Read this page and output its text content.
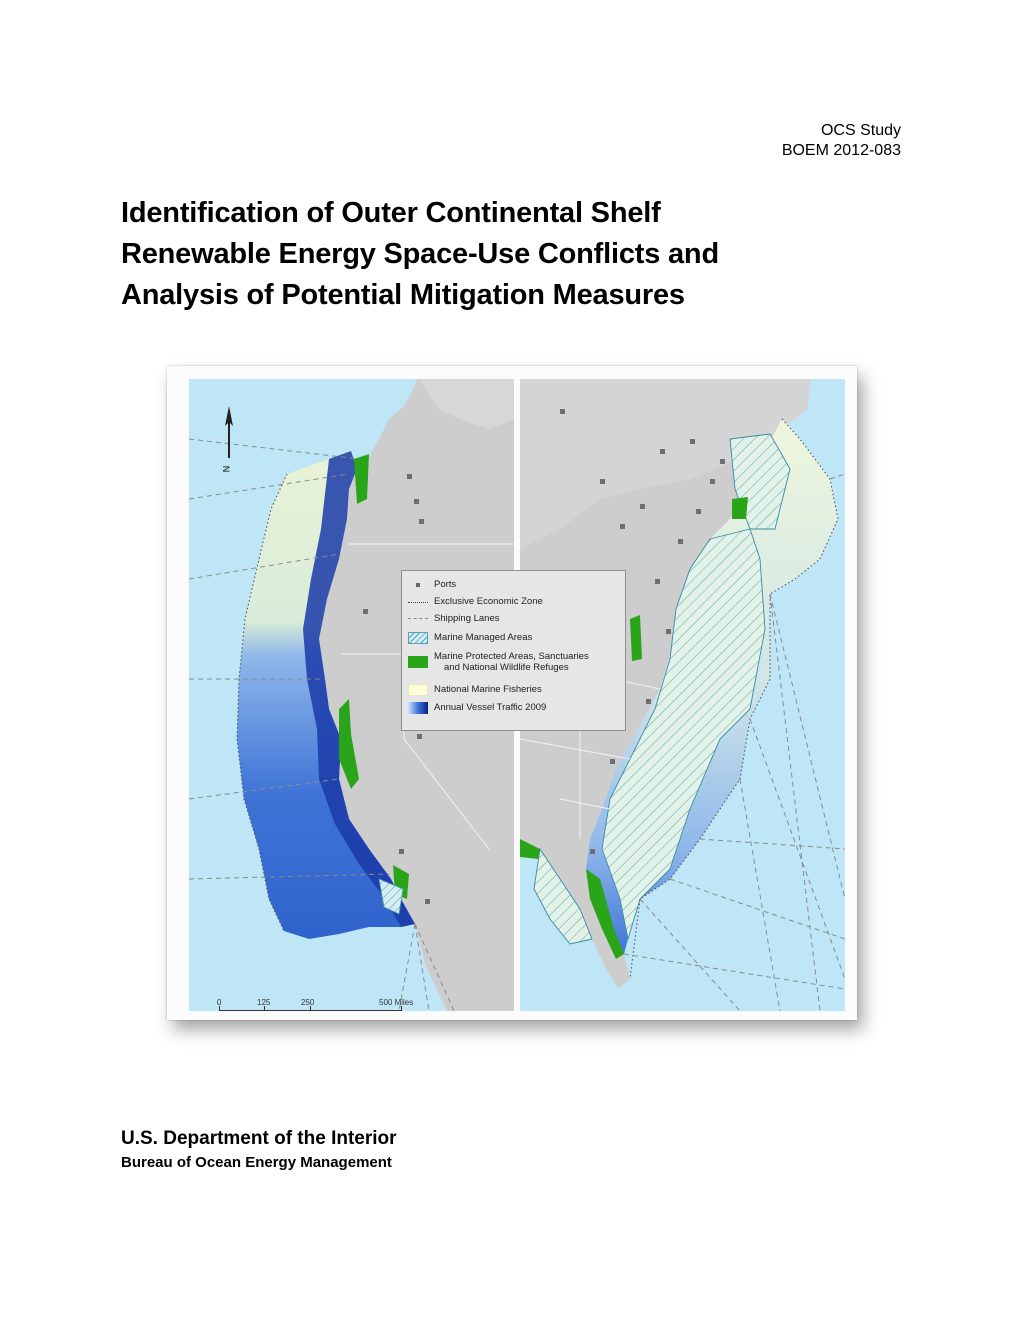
OCS Study
BOEM 2012-083
Identification of Outer Continental Shelf
Renewable Energy Space-Use Conflicts and
Analysis of Potential Mitigation Measures
N
0	125	250	500 Miles
Ports
Exclusive Economic Zone
Shipping Lanes
Marine Managed Areas
Marine Protected Areas, Sanctuaries
and National Wildlife Refuges
National Marine Fisheries
Annual Vessel Traffic 2009

U.S. Department of the Interior

Bureau of Ocean Energy Management
